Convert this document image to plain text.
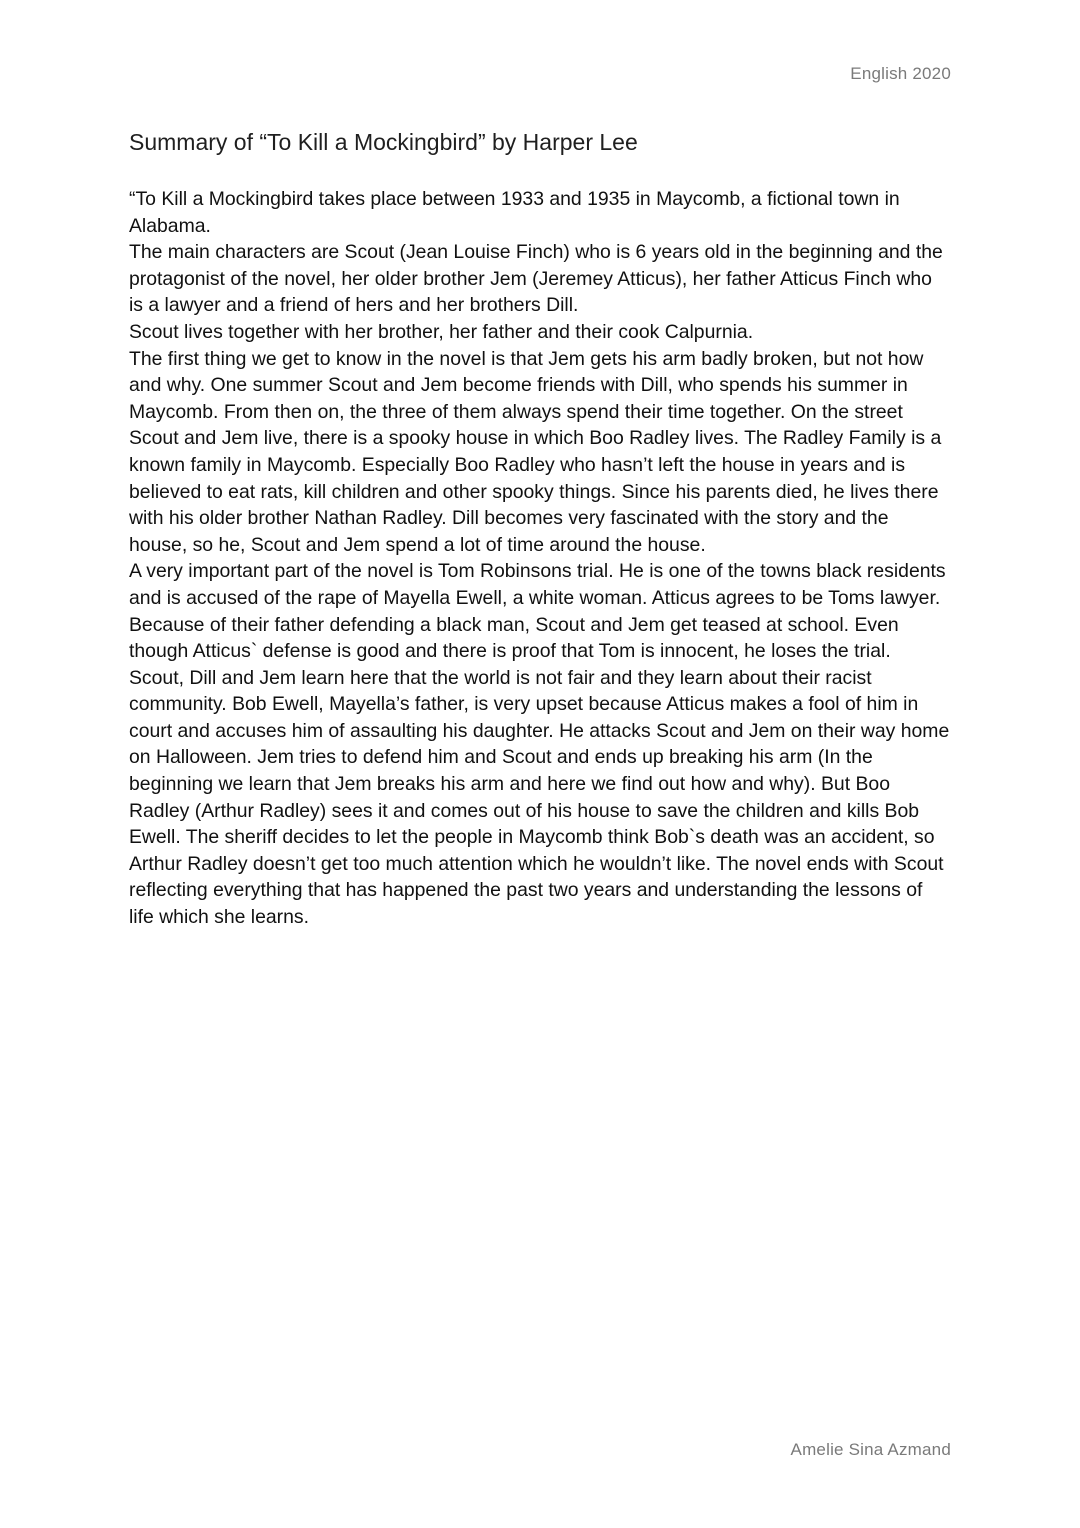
English 2020
Summary of “To Kill a Mockingbird” by Harper Lee

“To Kill a Mockingbird takes place between 1933 and 1935 in Maycomb, a fictional town in Alabama.

The main characters are Scout (Jean Louise Finch) who is 6 years old in the beginning and the protagonist of the novel, her older brother Jem (Jeremey Atticus), her father Atticus Finch who is a lawyer and a friend of hers and her brothers Dill.

Scout lives together with her brother, her father and their cook Calpurnia.

The first thing we get to know in the novel is that Jem gets his arm badly broken, but not how and why. One summer Scout and Jem become friends with Dill, who spends his summer in Maycomb. From then on, the three of them always spend their time together. On the street Scout and Jem live, there is a spooky house in which Boo Radley lives. The Radley Family is a known family in Maycomb. Especially Boo Radley who hasn’t left the house in years and is believed to eat rats, kill children and other spooky things. Since his parents died, he lives there with his older brother Nathan Radley. Dill becomes very fascinated with the story and the house, so he, Scout and Jem spend a lot of time around the house.

A very important part of the novel is Tom Robinsons trial. He is one of the towns black residents and is accused of the rape of Mayella Ewell, a white woman. Atticus agrees to be Toms lawyer. Because of their father defending a black man, Scout and Jem get teased at school. Even though Atticus` defense is good and there is proof that Tom is innocent, he loses the trial. Scout, Dill and Jem learn here that the world is not fair and they learn about their racist community. Bob Ewell, Mayella’s father, is very upset because Atticus makes a fool of him in court and accuses him of assaulting his daughter. He attacks Scout and Jem on their way home on Halloween. Jem tries to defend him and Scout and ends up breaking his arm (In the beginning we learn that Jem breaks his arm and here we find out how and why). But Boo Radley (Arthur Radley) sees it and comes out of his house to save the children and kills Bob Ewell. The sheriff decides to let the people in Maycomb think Bob`s death was an accident, so Arthur Radley doesn’t get too much attention which he wouldn’t like. The novel ends with Scout reflecting everything that has happened the past two years and understanding the lessons of life which she learns.

Amelie Sina Azmand
